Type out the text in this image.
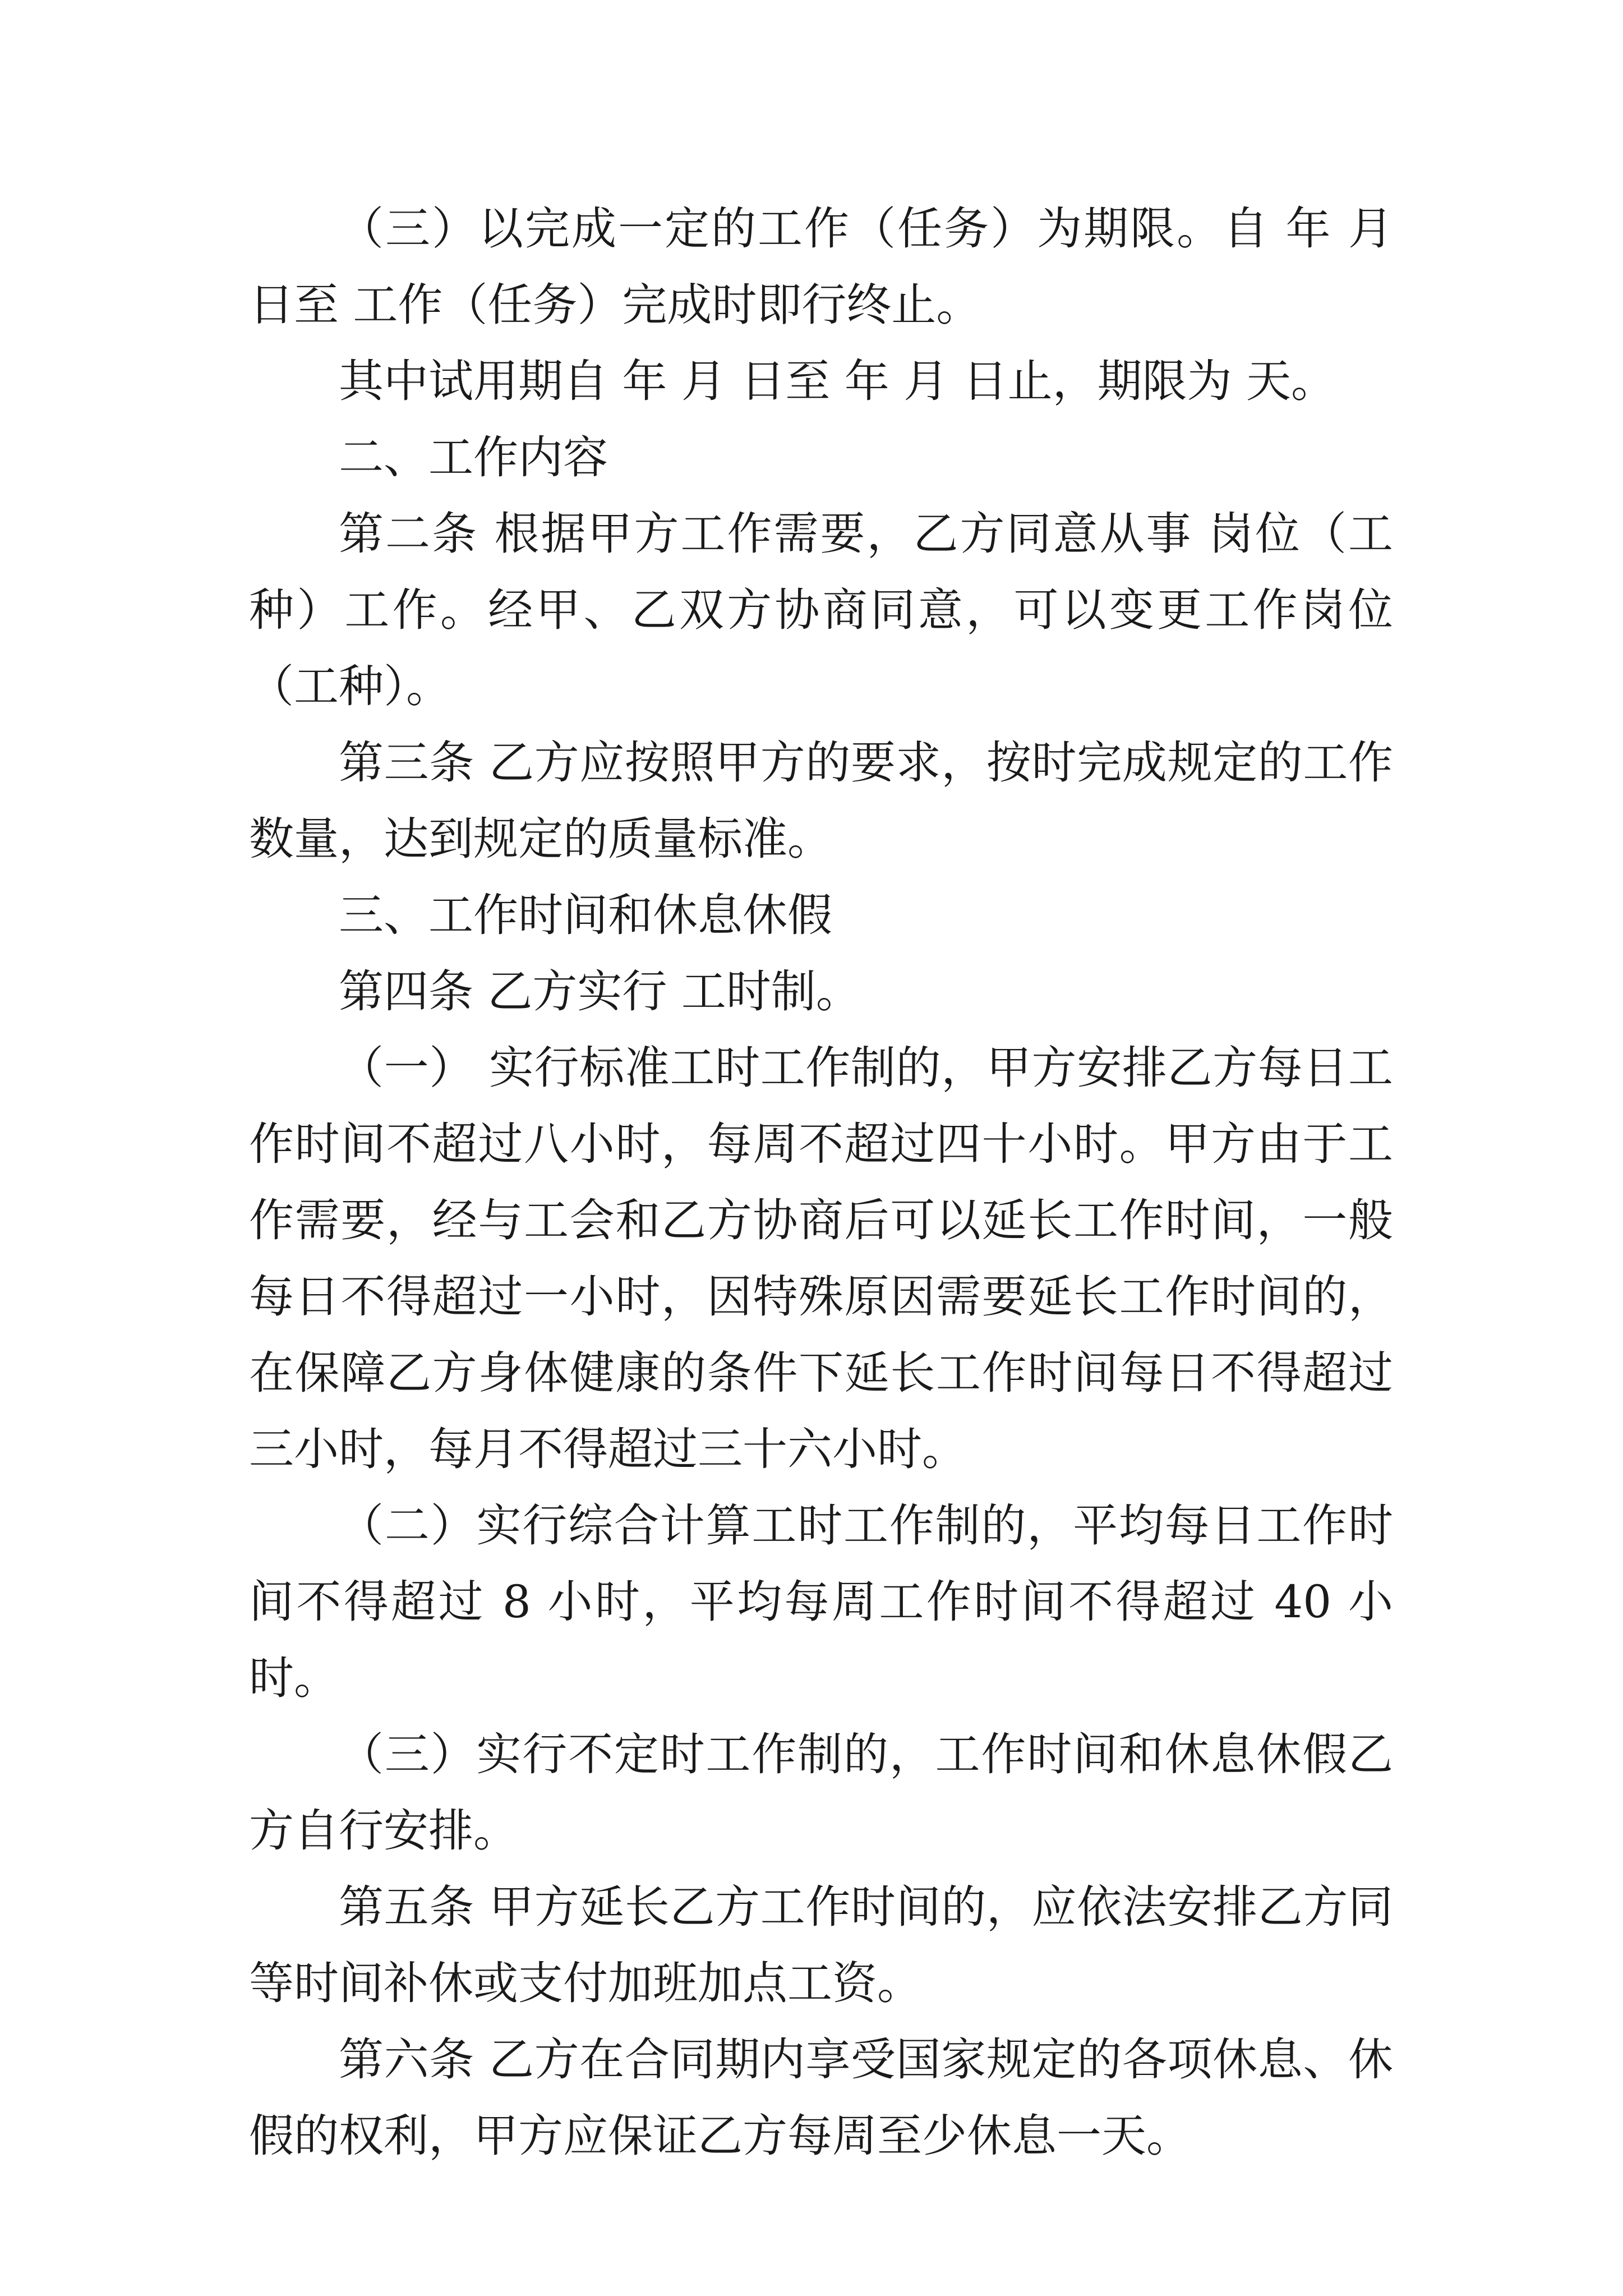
（三）以完成一定的工作（任务）为期限。自 年 月 日至 工作（任务）完成时即行终止。

其中试用期自 年 月 日至 年 月 日止，期限为 天。

二、工作内容

第二条 根据甲方工作需要，乙方同意从事 岗位（工种）工作。经甲、乙双方协商同意，可以变更工作岗位（工种）。

第三条 乙方应按照甲方的要求，按时完成规定的工作数量，达到规定的质量标准。

三、工作时间和休息休假

第四条 乙方实行 工时制。

（一） 实行标准工时工作制的，甲方安排乙方每日工作时间不超过八小时，每周不超过四十小时。甲方由于工作需要，经与工会和乙方协商后可以延长工作时间，一般每日不得超过一小时，因特殊原因需要延长工作时间的，在保障乙方身体健康的条件下延长工作时间每日不得超过三小时，每月不得超过三十六小时。

（二）实行综合计算工时工作制的，平均每日工作时间不得超过 8 小时，平均每周工作时间不得超过 40 小时。

（三）实行不定时工作制的，工作时间和休息休假乙方自行安排。

第五条 甲方延长乙方工作时间的，应依法安排乙方同等时间补休或支付加班加点工资。

第六条 乙方在合同期内享受国家规定的各项休息、休假的权利，甲方应保证乙方每周至少休息一天。
